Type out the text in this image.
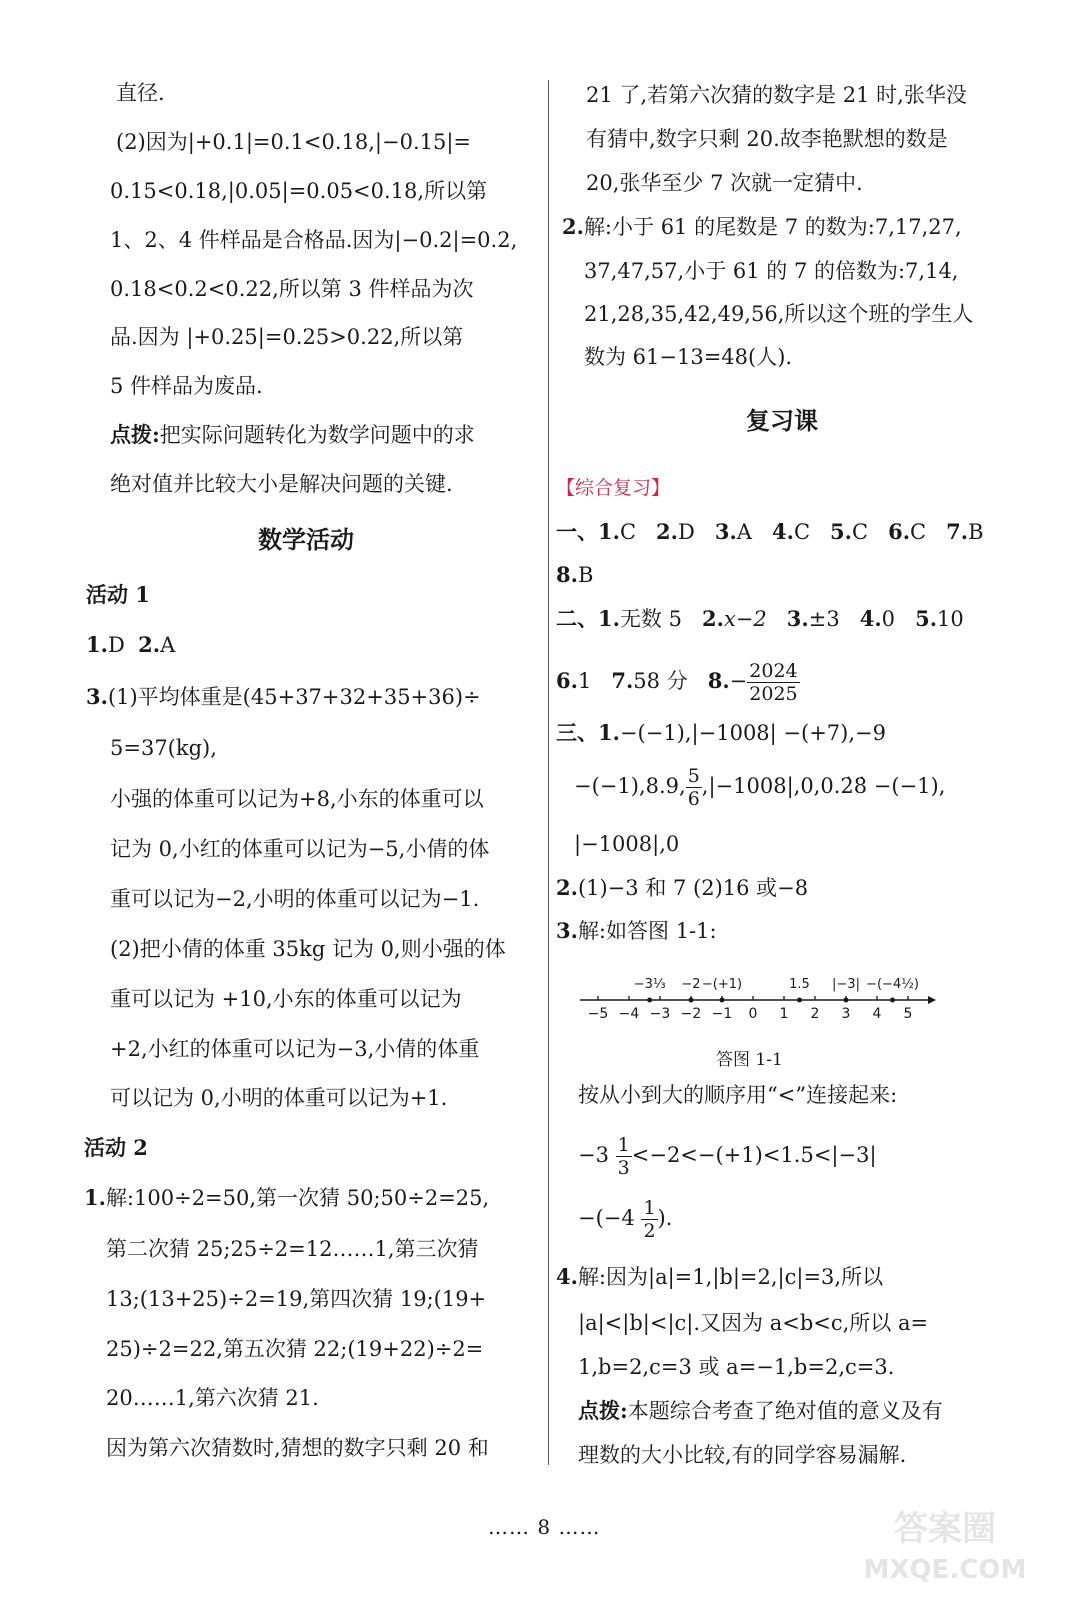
直径.
(2)因为|+0.1|=0.1<0.18,|−0.15|=
0.15<0.18,|0.05|=0.05<0.18,所以第
1、2、4 件样品是合格品.因为|−0.2|=0.2,
0.18<0.2<0.22,所以第 3 件样品为次
品.因为 |+0.25|=0.25>0.22,所以第
5 件样品为废品.
点拨:把实际问题转化为数学问题中的求
绝对值并比较大小是解决问题的关键.
数学活动
活动 1
1.D 2.A
3.(1)平均体重是(45+37+32+35+36)÷
5=37(kg),
小强的体重可以记为+8,小东的体重可以
记为 0,小红的体重可以记为−5,小倩的体
重可以记为−2,小明的体重可以记为−1.
(2)把小倩的体重 35kg 记为 0,则小强的体
重可以记为 +10,小东的体重可以记为
+2,小红的体重可以记为−3,小倩的体重
可以记为 0,小明的体重可以记为+1.
活动 2
1.解:100÷2=50,第一次猜 50;50÷2=25,
第二次猜 25;25÷2=12……1,第三次猜
13;(13+25)÷2=19,第四次猜 19;(19+
25)÷2=22,第五次猜 22;(19+22)÷2=
20……1,第六次猜 21.
因为第六次猜数时,猜想的数字只剩 20 和
21 了,若第六次猜的数字是 21 时,张华没
有猜中,数字只剩 20.故李艳默想的数是
20,张华至少 7 次就一定猜中.
2.解:小于 61 的尾数是 7 的数为:7,17,27,
37,47,57,小于 61 的 7 的倍数为:7,14,
21,28,35,42,49,56,所以这个班的学生人
数为 61−13=48(人).
复习课
【综合复习】
一、1.C 2.D 3.A 4.C 5.C 6.C 7.B
8.B
二、1.无数 5 2.x−2 3.±3 4.0 5.10
6.1 7.58 分 $8.- \frac{2024}{2025}$
三、1.−(−1),|−1008| −(+7),−9
−(−1),8.9, $\frac{5}{6}$ ,|−1008|,0,0.2̇8̇ −(−1),
|−1008|,0
2.(1)−3 和 7 (2)16 或−8
3.解:如答图 1-1:
−5 −4 −3 −2 −1 0 1 2 3 4 5
−3⅓ −2 −(+1)	1.5 |−3| −(−4½)
答图 1-1
按从小到大的顺序用“<”连接起来:
$-3 \frac{1}{3} <-2<-(+1)<1.5<|-3|$
$-(-4 \frac{1}{2}$ ).
4.解:因为|a|=1,|b|=2,|c|=3,所以
|a|<|b|<|c|.又因为 a<b<c,所以 a=
1,b=2,c=3 或 a=−1,b=2,c=3.
点拨:本题综合考查了绝对值的意义及有
理数的大小比较,有的同学容易漏解.
…… 8 ……	答案圈
MXQE.COM
